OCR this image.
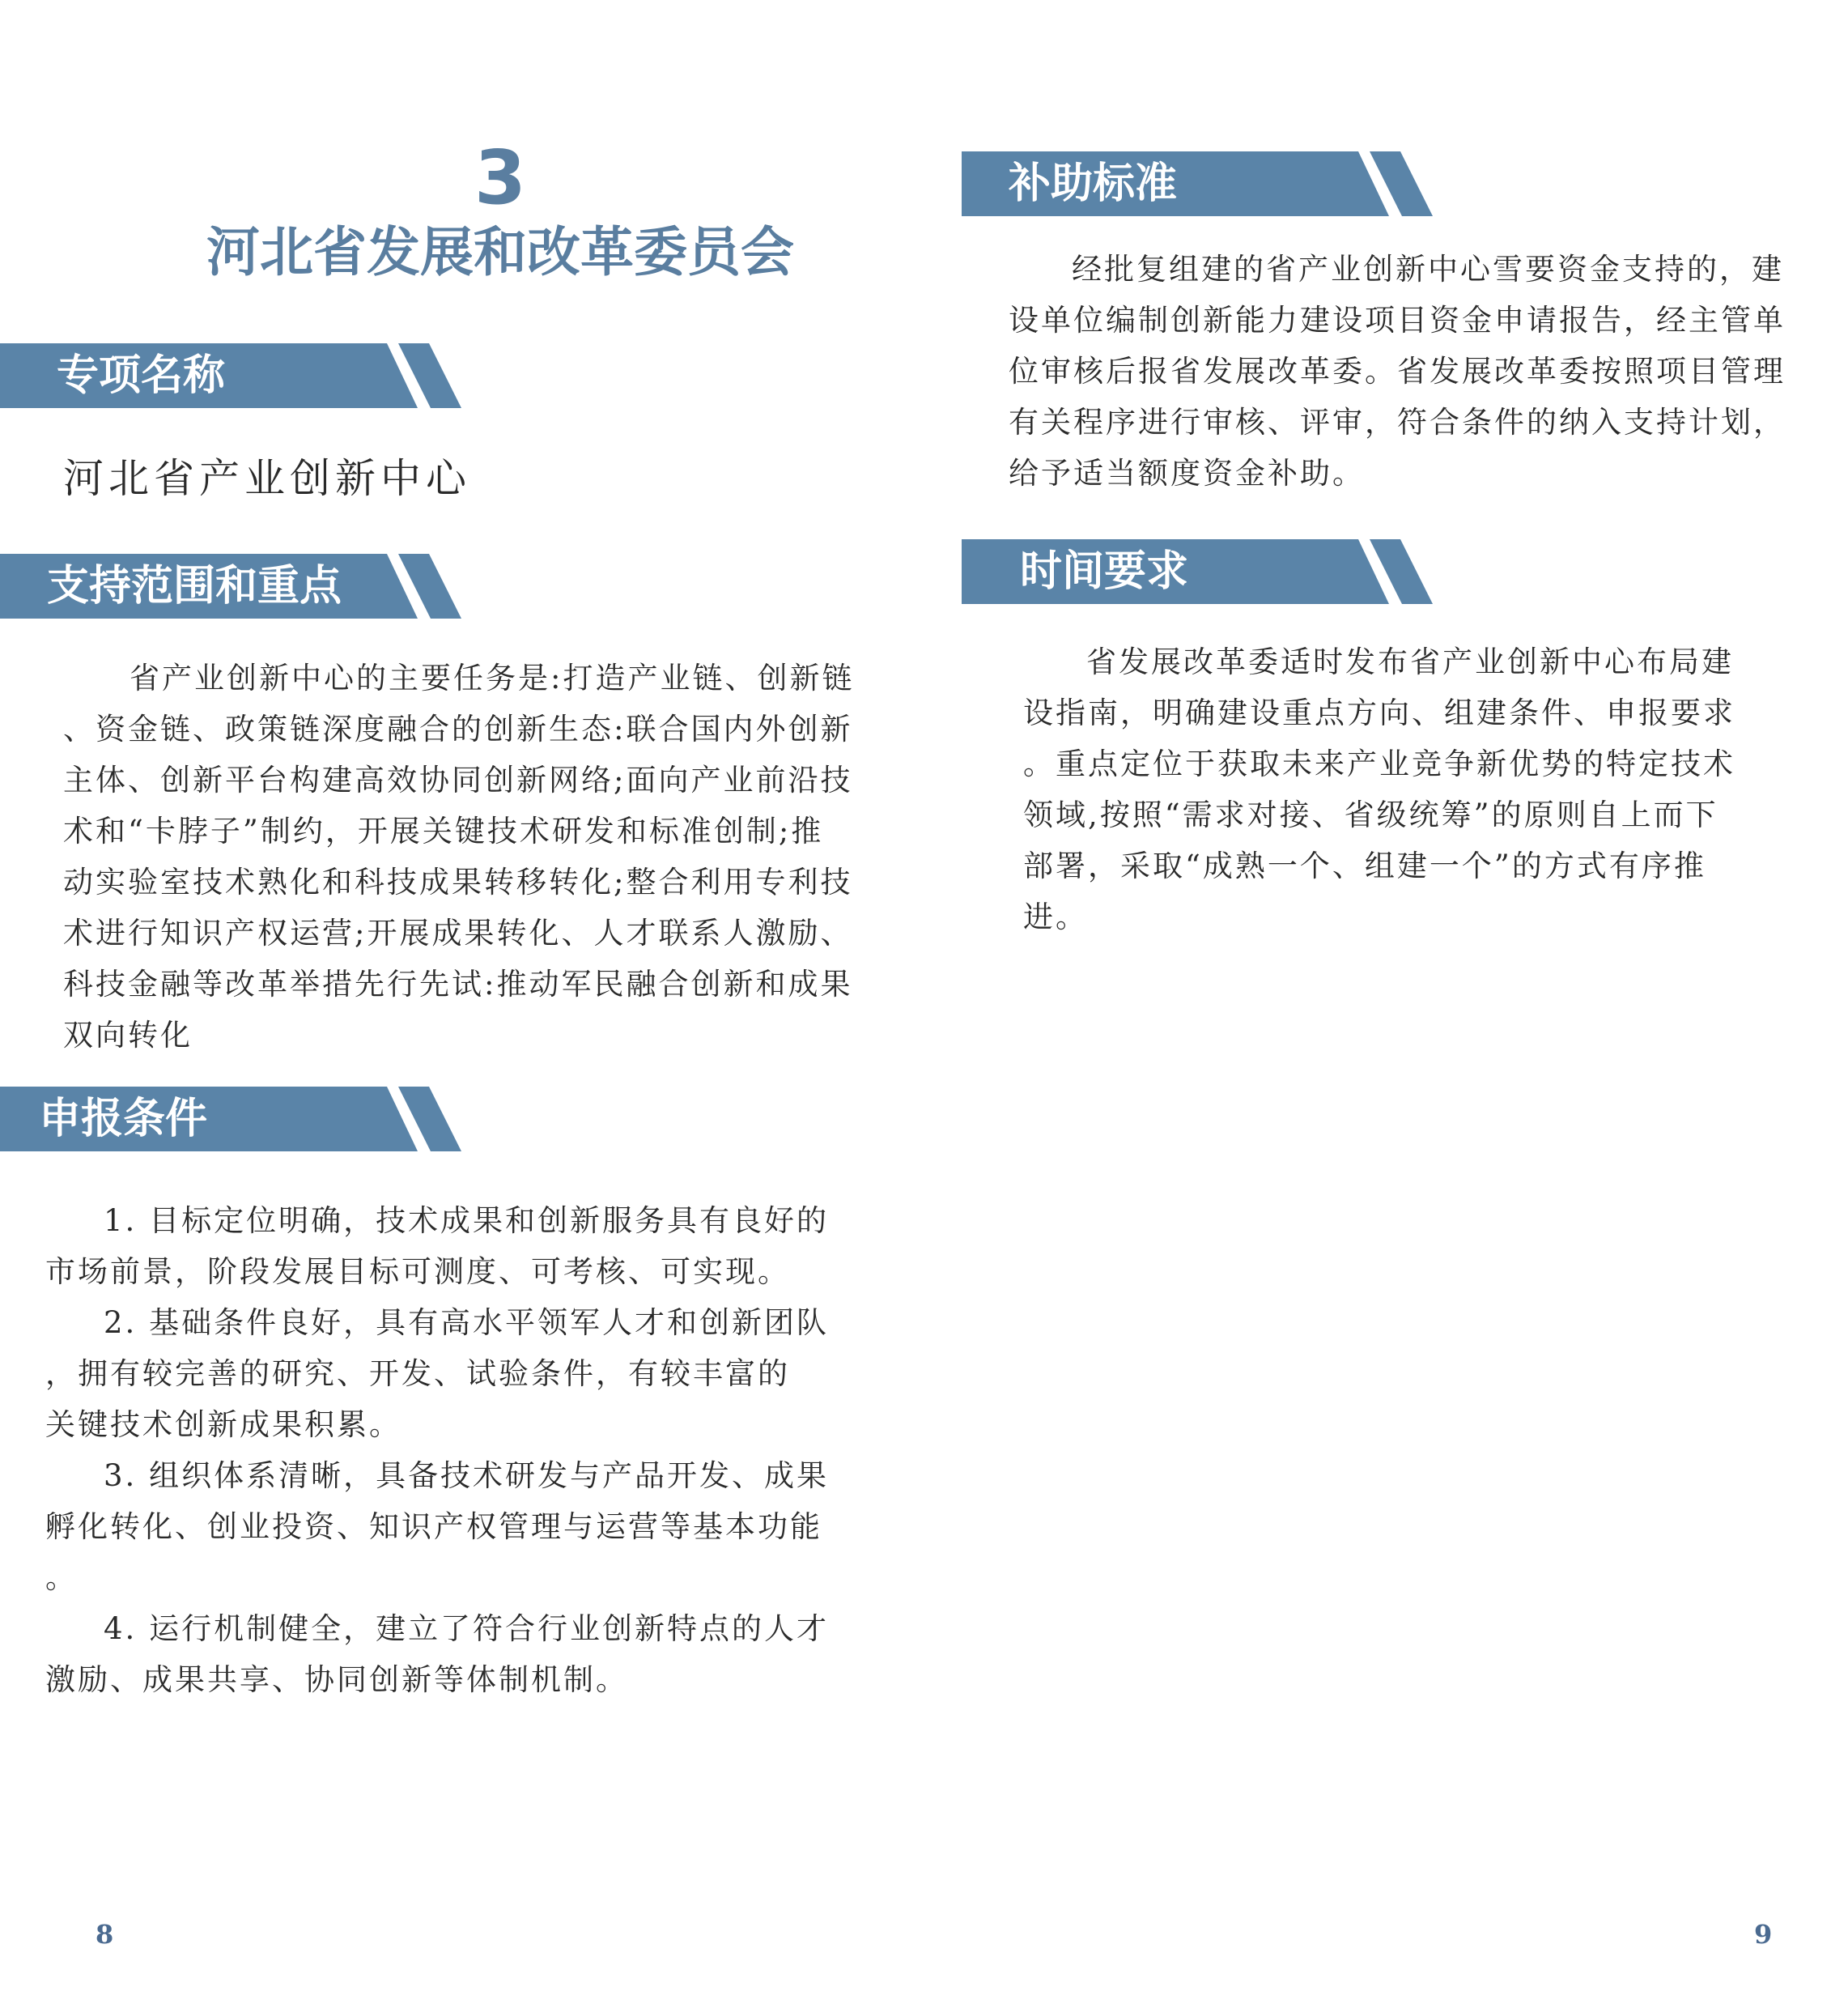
3
河北省发展和改革委员会
专项名称
河北省产业创新中心
支持范围和重点
省产业创新中心的主要任务是:打造产业链、创新链
、资金链、政策链深度融合的创新生态:联合国内外创新
主体、创新平台构建高效协同创新网络;面向产业前沿技
术和“卡脖子”制约，开展关键技术研发和标准创制;推
动实验室技术熟化和科技成果转移转化;整合利用专利技
术进行知识产权运营;开展成果转化、人才联系人激励、
科技金融等改革举措先行先试:推动军民融合创新和成果
双向转化
申报条件
1. 目标定位明确，技术成果和创新服务具有良好的
市场前景，阶段发展目标可测度、可考核、可实现。
2. 基础条件良好，具有高水平领军人才和创新团队
，拥有较完善的研究、开发、试验条件，有较丰富的
关键技术创新成果积累。
3. 组织体系清晰，具备技术研发与产品开发、成果
孵化转化、创业投资、知识产权管理与运营等基本功能
。
4. 运行机制健全，建立了符合行业创新特点的人才
激励、成果共享、协同创新等体制机制。
8
补助标准
经批复组建的省产业创新中心雪要资金支持的，建
设单位编制创新能力建设项目资金申请报告，经主管单
位审核后报省发展改革委。省发展改革委按照项目管理
有关程序进行审核、评审，符合条件的纳入支持计划，
给予适当额度资金补助。
时间要求
省发展改革委适时发布省产业创新中心布局建
设指南，明确建设重点方向、组建条件、申报要求
。重点定位于获取未来产业竞争新优势的特定技术
领域,按照“需求对接、省级统筹”的原则自上而下
部署，采取“成熟一个、组建一个”的方式有序推
进。
9
